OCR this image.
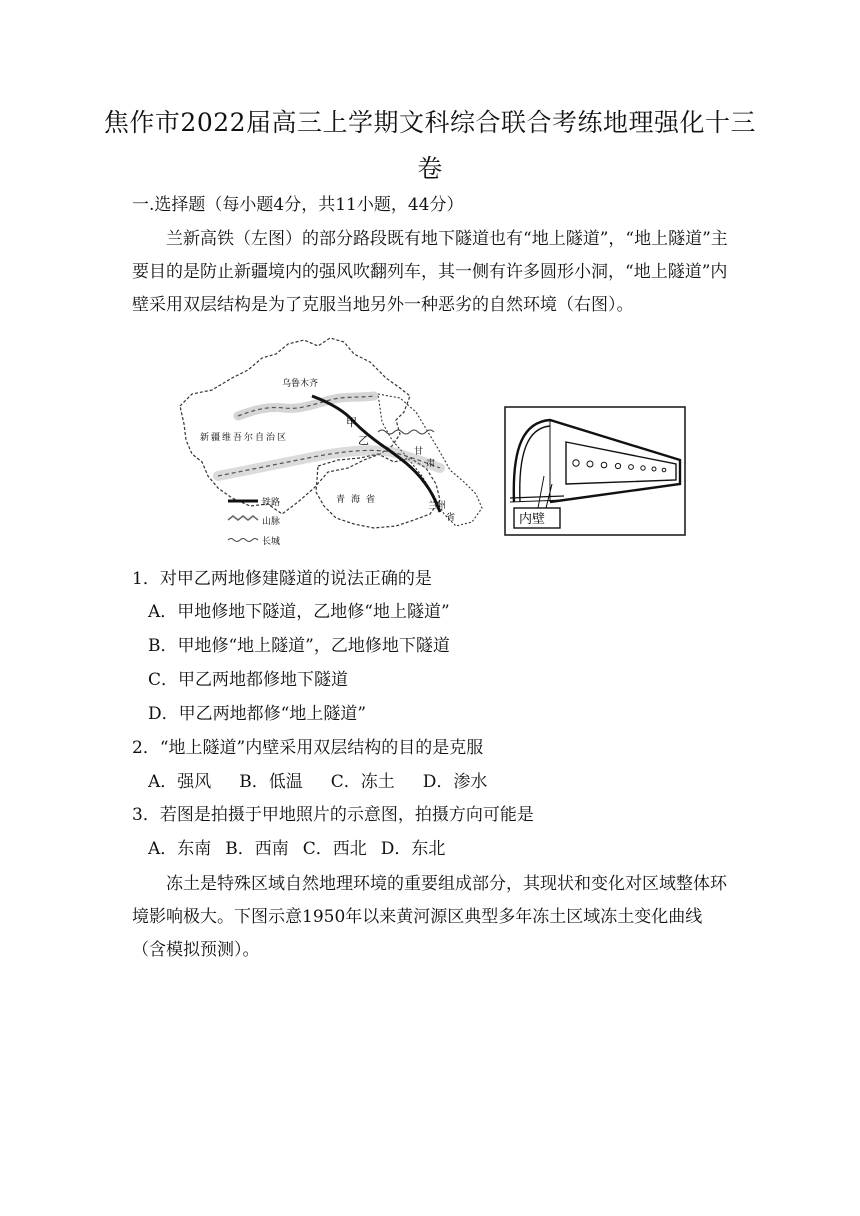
焦作市2022届高三上学期文科综合联合考练地理强化十三卷
一.选择题（每小题4分，共11小题，44分）
兰新高铁（左图）的部分路段既有地下隧道也有“地上隧道”，“地上隧道”主要目的是防止新疆境内的强风吹翻列车，其一侧有许多圆形小洞，“地上隧道”内壁采用双层结构是为了克服当地另外一种恶劣的自然环境（右图）。
乌鲁木齐
新疆维吾尔自治区
甲
乙
甘
肃
青海省
兰州
省
铁路
山脉
长城
内壁
1．对甲乙两地修建隧道的说法正确的是
A．甲地修地下隧道，乙地修“地上隧道”
B．甲地修“地上隧道”，乙地修地下隧道
C．甲乙两地都修地下隧道
D．甲乙两地都修“地上隧道”
2．“地上隧道”内壁采用双层结构的目的是克服
A．强风 B．低温 C．冻土 D．渗水
3．若图是拍摄于甲地照片的示意图，拍摄方向可能是
A．东南 B．西南 C．西北 D．东北
冻土是特殊区域自然地理环境的重要组成部分，其现状和变化对区域整体环境影响极大。下图示意1950年以来黄河源区典型多年冻土区域冻土变化曲线（含模拟预测）。
